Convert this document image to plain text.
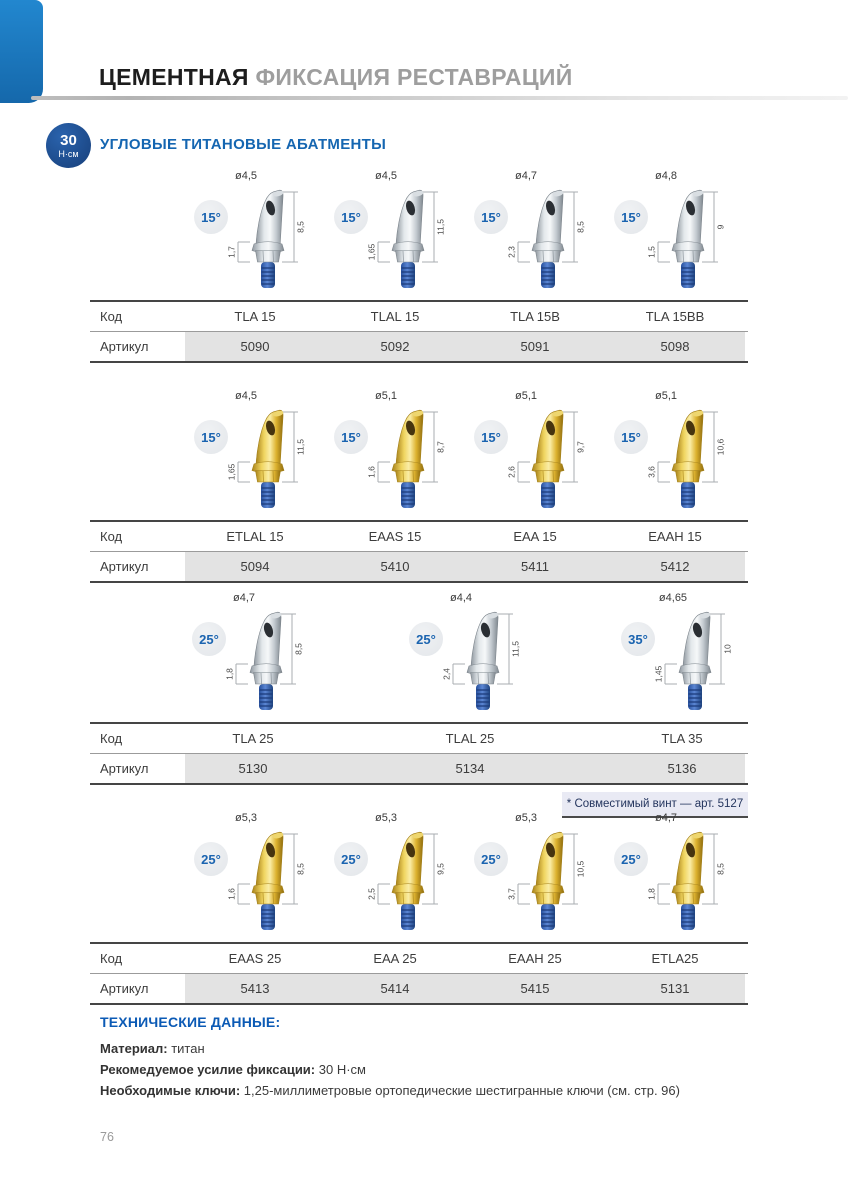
ЦЕМЕНТНАЯ ФИКСАЦИЯ РЕСТАВРАЦИЙ
30
Н·см
УГЛОВЫЕ ТИТАНОВЫЕ АБАТМЕНТЫ
ø4,5
15°
1,7
8,5
ø4,5
15°
1,65
11,5
ø4,7
15°
2,3
8,5
ø4,8
15°
1,5
9
Код	TLA 15	TLAL 15	TLA 15B	TLA 15BB
Артикул	5090	5092	5091	5098
ø4,5
15°
1,65
11,5
ø5,1
15°
1,6
8,7
ø5,1
15°
2,6
9,7
ø5,1
15°
3,6
10,6
Код	ETLAL 15	EAAS 15	EAA 15	EAAH 15
Артикул	5094	5410	5411	5412
ø4,7
25°
1,8
8,5
ø4,4
25°
2,4
11,5
ø4,65
35°
1,45
10
Код	TLA 25	TLAL 25	TLA 35
Артикул	5130	5134	5136
* Совместимый винт — арт. 5127
ø5,3
25°
1,6
8,5
ø5,3
25°
2,5
9,5
ø5,3
25°
3,7
10,5
ø4,7
25°
1,8
8,5
Код	EAAS 25	EAA 25	EAAH 25	ETLA25
Артикул	5413	5414	5415	5131
ТЕХНИЧЕСКИЕ ДАННЫЕ:

Материал: титан

Рекомедуемое усилие фиксации: 30 Н·см

Необходимые ключи: 1,25-миллиметровые ортопедические шестигранные ключи (см. стр. 96)

76
